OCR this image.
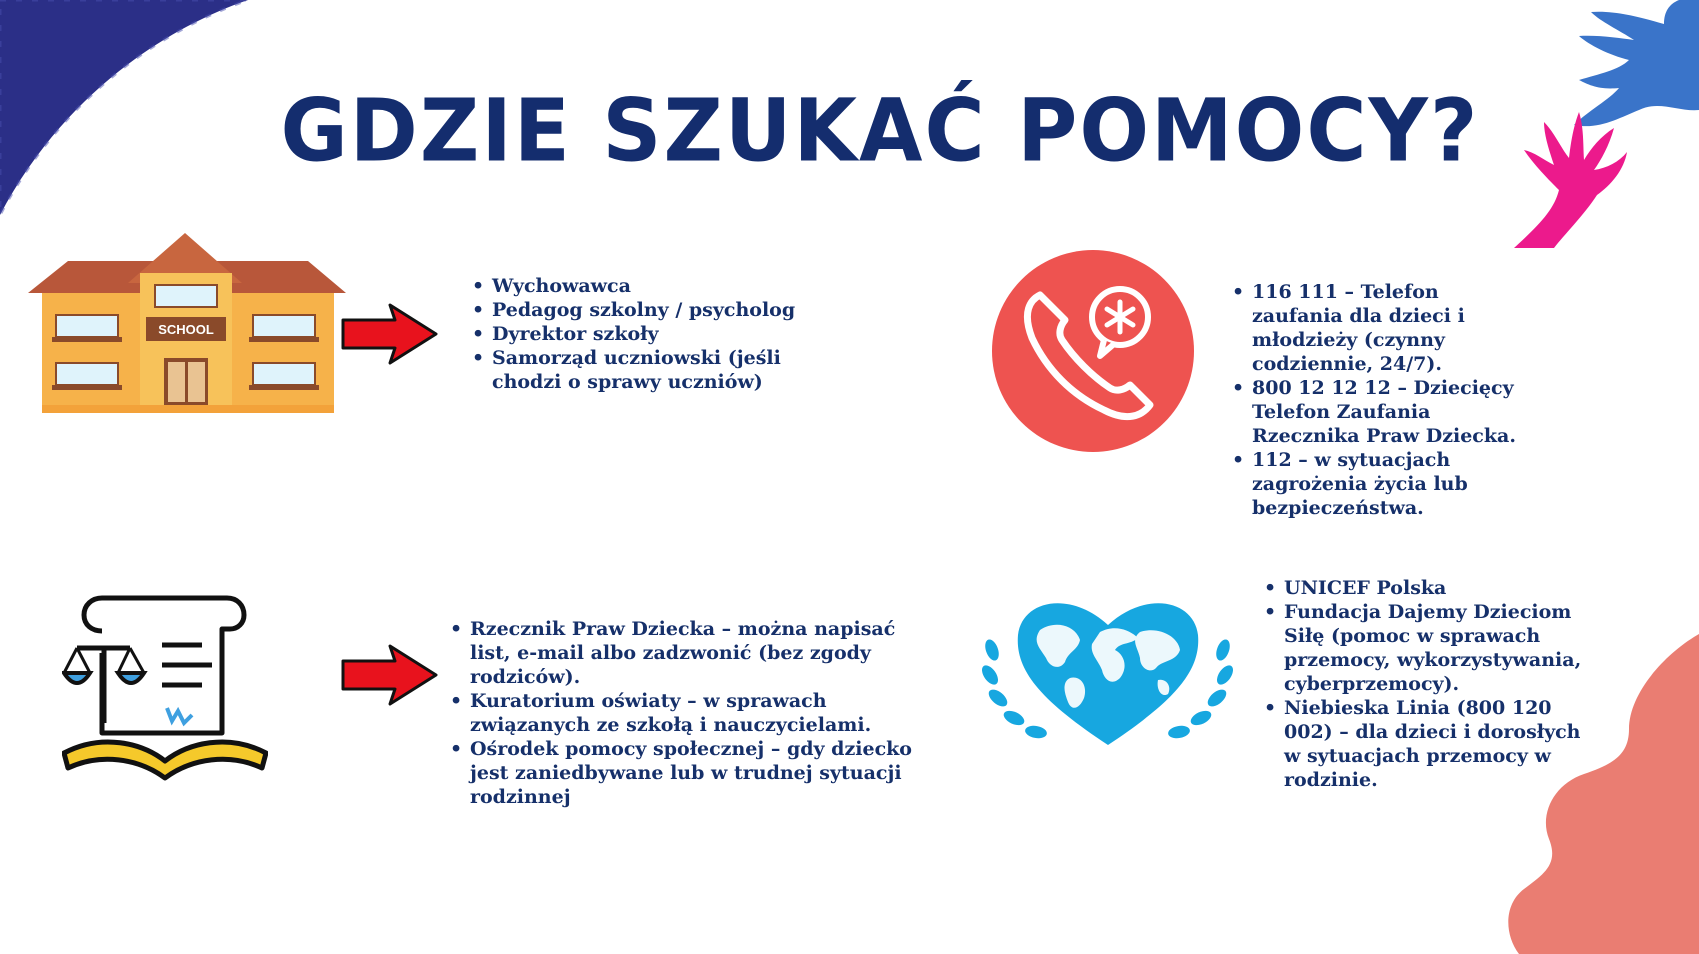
GDZIE SZUKAĆ POMOCY?
SCHOOL
• Wychowawca
• Pedagog szkolny / psycholog
• Dyrektor szkoły
• Samorząd uczniowski (jeśli chodzi o sprawy uczniów)
• 116 111 – Telefon zaufania dla dzieci i młodzieży (czynny codziennie, 24/7).
• 800 12 12 12 – Dziecięcy Telefon Zaufania Rzecznika Praw Dziecka.
• 112 – w sytuacjach zagrożenia życia lub bezpieczeństwa.
• Rzecznik Praw Dziecka – można napisać list, e-mail albo zadzwonić (bez zgody rodziców).
• Kuratorium oświaty – w sprawach związanych ze szkołą i nauczycielami.
• Ośrodek pomocy społecznej – gdy dziecko jest zaniedbywane lub w trudnej sytuacji rodzinnej
• UNICEF Polska
• Fundacja Dajemy Dzieciom Siłę (pomoc w sprawach przemocy, wykorzystywania, cyberprzemocy).
• Niebieska Linia (800 120 002) – dla dzieci i dorosłych w sytuacjach przemocy w rodzinie.
